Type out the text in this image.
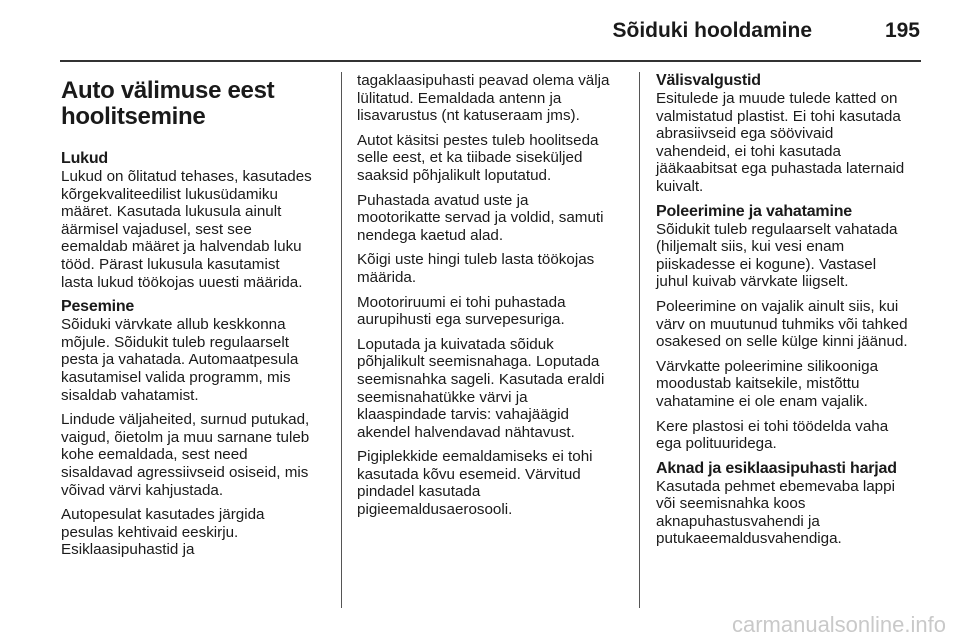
Sõiduki hooldamine	195
Auto välimuse eest
hoolitsemine
Lukud

Lukud on õlitatud tehases, kasutades
kõrgekvaliteedilist lukusüdamiku
määret. Kasutada lukusula ainult
äärmisel vajadusel, sest see
eemaldab määret ja halvendab luku
tööd. Pärast lukusula kasutamist
lasta lukud töökojas uuesti määrida.

Pesemine

Sõiduki värvkate allub keskkonna
mõjule. Sõidukit tuleb regulaarselt
pesta ja vahatada. Automaatpesula
kasutamisel valida programm, mis
sisaldab vahatamist.

Lindude väljaheited, surnud putukad,
vaigud, õietolm ja muu sarnane tuleb
kohe eemaldada, sest need
sisaldavad agressiivseid osiseid, mis
võivad värvi kahjustada.

Autopesulat kasutades järgida
pesulas kehtivaid eeskirju.
Esiklaasipuhastid ja

tagaklaasipuhasti peavad olema välja
lülitatud. Eemaldada antenn ja
lisavarustus (nt katuseraam jms).

Autot käsitsi pestes tuleb hoolitseda
selle eest, et ka tiibade siseküljed
saaksid põhjalikult loputatud.

Puhastada avatud uste ja
mootorikatte servad ja voldid, samuti
nendega kaetud alad.

Kõigi uste hingi tuleb lasta töökojas
määrida.

Mootoriruumi ei tohi puhastada
aurupihusti ega survepesuriga.

Loputada ja kuivatada sõiduk
põhjalikult seemisnahaga. Loputada
seemisnahka sageli. Kasutada eraldi
seemisnahatükke värvi ja
klaaspindade tarvis: vahajäägid
akendel halvendavad nähtavust.

Pigiplekkide eemaldamiseks ei tohi
kasutada kõvu esemeid. Värvitud
pindadel kasutada
pigieemaldusaerosooli.

Välisvalgustid

Esitulede ja muude tulede katted on
valmistatud plastist. Ei tohi kasutada
abrasiivseid ega söövivaid
vahendeid, ei tohi kasutada
jääkaabitsat ega puhastada laternaid
kuivalt.

Poleerimine ja vahatamine

Sõidukit tuleb regulaarselt vahatada
(hiljemalt siis, kui vesi enam
piiskadesse ei kogune). Vastasel
juhul kuivab värvkate liigselt.

Poleerimine on vajalik ainult siis, kui
värv on muutunud tuhmiks või tahked
osakesed on selle külge kinni jäänud.

Värvkatte poleerimine silikooniga
moodustab kaitsekile, mistõttu
vahatamine ei ole enam vajalik.

Kere plastosi ei tohi töödelda vaha
ega polituuridega.

Aknad ja esiklaasipuhasti harjad

Kasutada pehmet ebemevaba lappi
või seemisnahka koos
aknapuhastusvahendi ja
putukaeemaldusvahendiga.

carmanualsonline.info
